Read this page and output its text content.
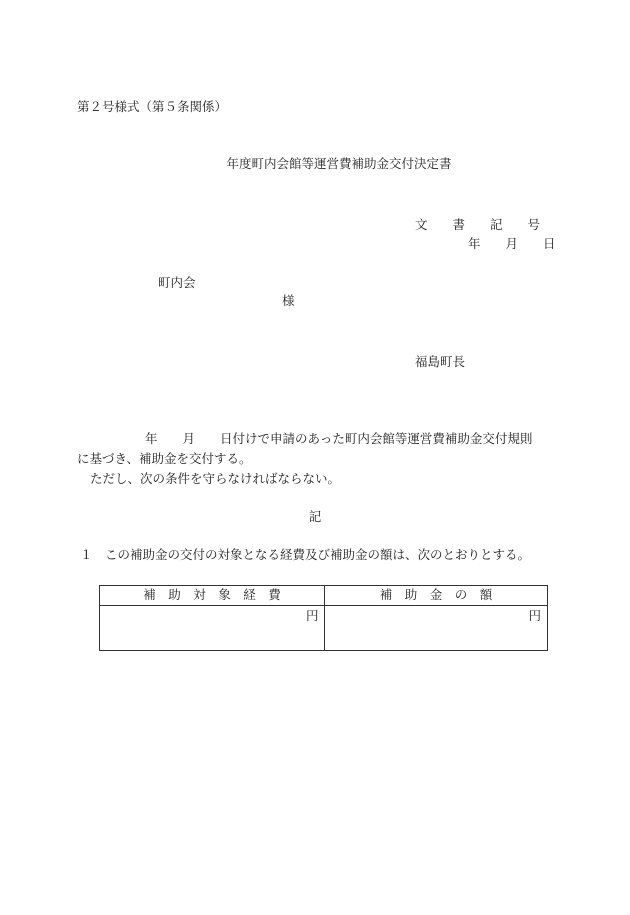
第２号様式（第５条関係）
年度町内会館等運営費補助金交付決定書
文　　書　　記　　号
年　　月　　日
町内会
様
福島町長
年　　月　　日付けで申請のあった町内会館等運営費補助金交付規則
に基づき、補助金を交付する。
ただし、次の条件を守らなければならない。
記
１　この補助金の交付の対象となる経費及び補助金の額は、次のとおりとする。
補　助　対　象　経　費	補　助　金　の　額
円	円
